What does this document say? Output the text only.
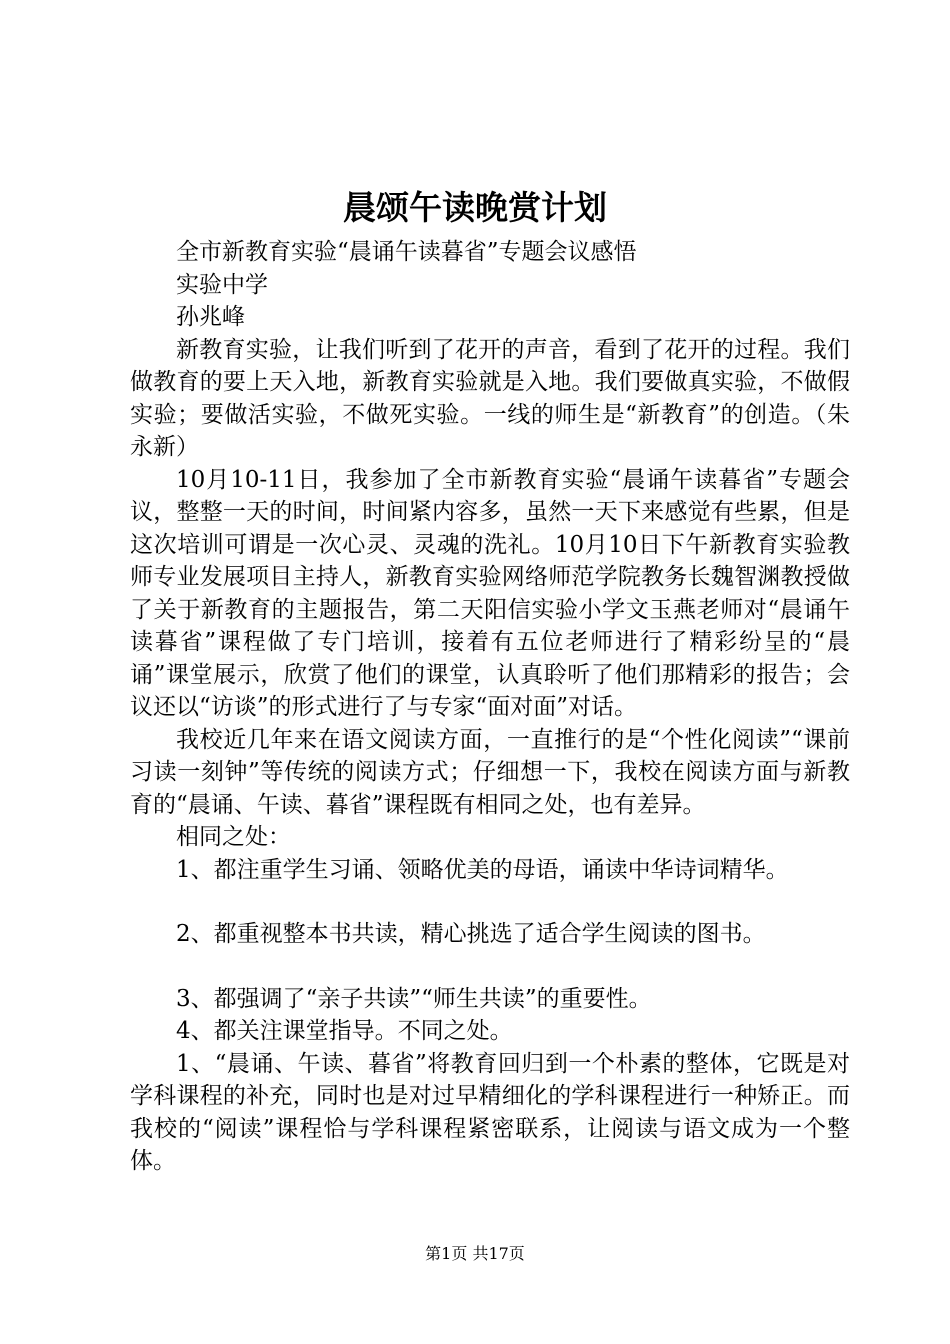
晨颂午读晚赏计划

全市新教育实验“晨诵午读暮省”专题会议感悟

实验中学

孙兆峰

新教育实验，让我们听到了花开的声音，看到了花开的过程。我们做教育的要上天入地，新教育实验就是入地。我们要做真实验，不做假实验；要做活实验，不做死实验。一线的师生是“新教育”的创造。（朱永新）

10月10-11日，我参加了全市新教育实验“晨诵午读暮省”专题会议，整整一天的时间，时间紧内容多，虽然一天下来感觉有些累，但是这次培训可谓是一次心灵、灵魂的洗礼。10月10日下午新教育实验教师专业发展项目主持人，新教育实验网络师范学院教务长魏智渊教授做了关于新教育的主题报告，第二天阳信实验小学文玉燕老师对“晨诵午读暮省”课程做了专门培训，接着有五位老师进行了精彩纷呈的“晨诵”课堂展示，欣赏了他们的课堂，认真聆听了他们那精彩的报告；会议还以“访谈”的形式进行了与专家“面对面”对话。

我校近几年来在语文阅读方面，一直推行的是“个性化阅读”“课前习读一刻钟”等传统的阅读方式；仔细想一下，我校在阅读方面与新教育的“晨诵、午读、暮省”课程既有相同之处，也有差异。

相同之处：

1、都注重学生习诵、领略优美的母语，诵读中华诗词精华。

2、都重视整本书共读，精心挑选了适合学生阅读的图书。

3、都强调了“亲子共读”“师生共读”的重要性。

4、都关注课堂指导。不同之处。

1、“晨诵、午读、暮省”将教育回归到一个朴素的整体，它既是对学科课程的补充，同时也是对过早精细化的学科课程进行一种矫正。而我校的“阅读”课程恰与学科课程紧密联系，让阅读与语文成为一个整体。

第1页 共17页
